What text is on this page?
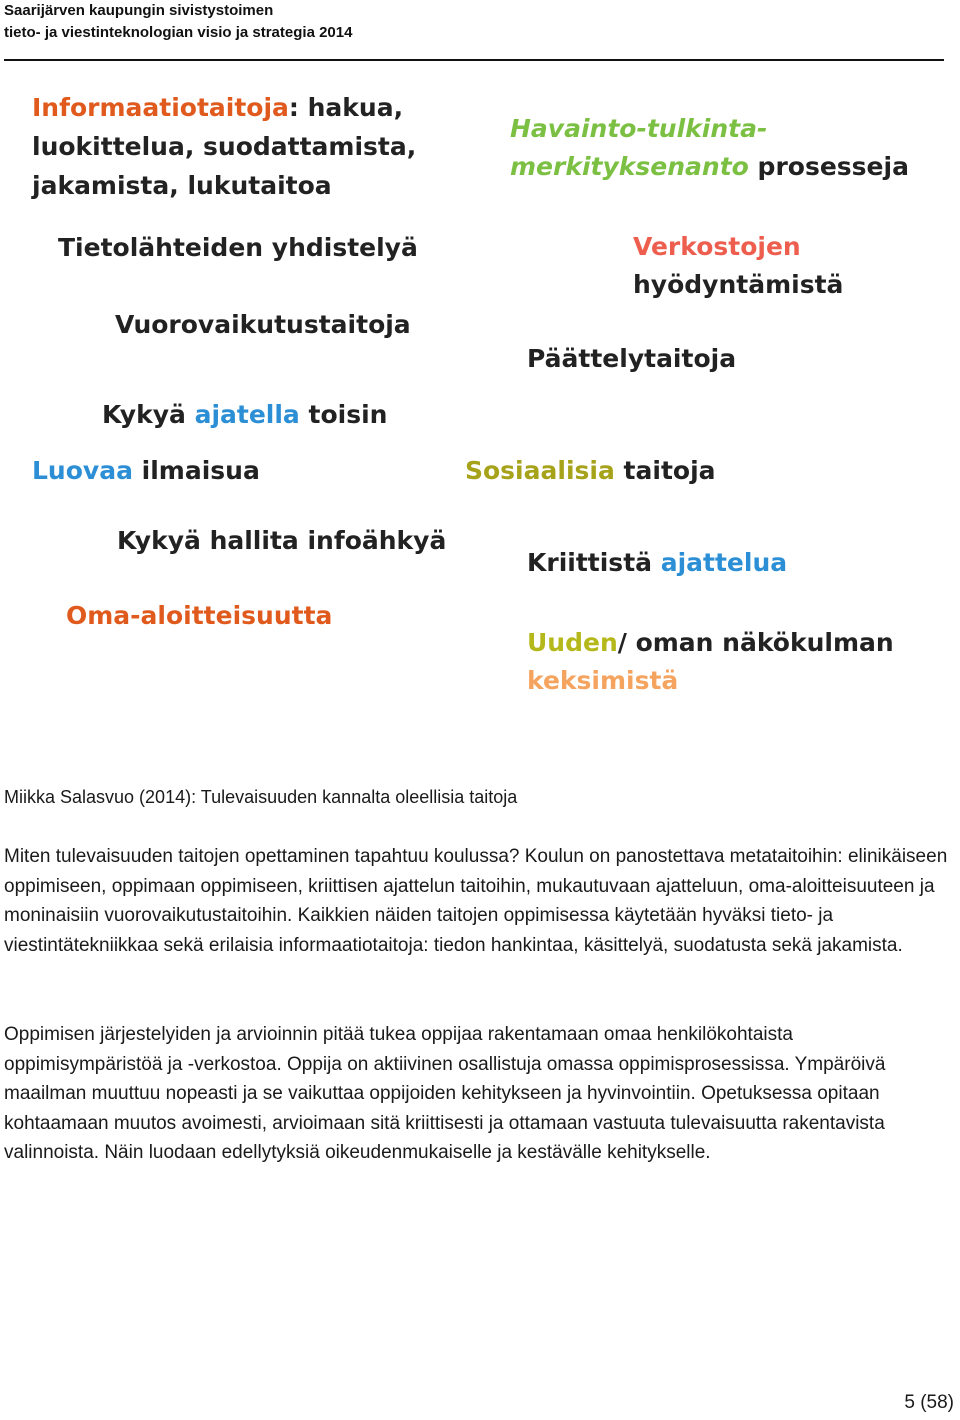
Saarijärven kaupungin sivistystoimen
tieto- ja viestinteknologian visio ja strategia 2014
Informaatiotaitoja: hakua,
luokittelua, suodattamista,
jakamista, lukutaitoa
Havainto-tulkinta-
merkityksenanto prosesseja
Tietolähteiden yhdistelyä	Verkostojen
hyödyntämistä
Vuorovaikutustaitoja
Päättelytaitoja
Kykyä ajatella toisin
Luovaa ilmaisua	Sosiaalisia taitoja
Kykyä hallita infoähkyä
Kriittistä ajattelua
Oma-aloitteisuutta
Uuden/ oman näkökulman
keksimistä
Miikka Salasvuo (2014): Tulevaisuuden kannalta oleellisia taitoja

Miten tulevaisuuden taitojen opettaminen tapahtuu koulussa? Koulun on panostettava metataitoihin: elinikäiseen oppimiseen, oppimaan oppimiseen, kriittisen ajattelun taitoihin, mukautuvaan ajatteluun, oma-aloitteisuuteen ja moninaisiin vuorovaikutustaitoihin. Kaikkien näiden taitojen oppimisessa käytetään hyväksi tieto- ja viestintätekniikkaa sekä erilaisia informaatiotaitoja: tiedon hankintaa, käsittelyä, suodatusta sekä jakamista.

Oppimisen järjestelyiden ja arvioinnin pitää tukea oppijaa rakentamaan omaa henkilökohtaista oppimisympäristöä ja -verkostoa. Oppija on aktiivinen osallistuja omassa oppimisprosessissa. Ympäröivä maailman muuttuu nopeasti ja se vaikuttaa oppijoiden kehitykseen ja hyvinvointiin. Opetuksessa opitaan kohtaamaan muutos avoimesti, arvioimaan sitä kriittisesti ja ottamaan vastuuta tulevaisuutta rakentavista valinnoista. Näin luodaan edellytyksiä oikeudenmukaiselle ja kestävälle kehitykselle.

5 (58)
